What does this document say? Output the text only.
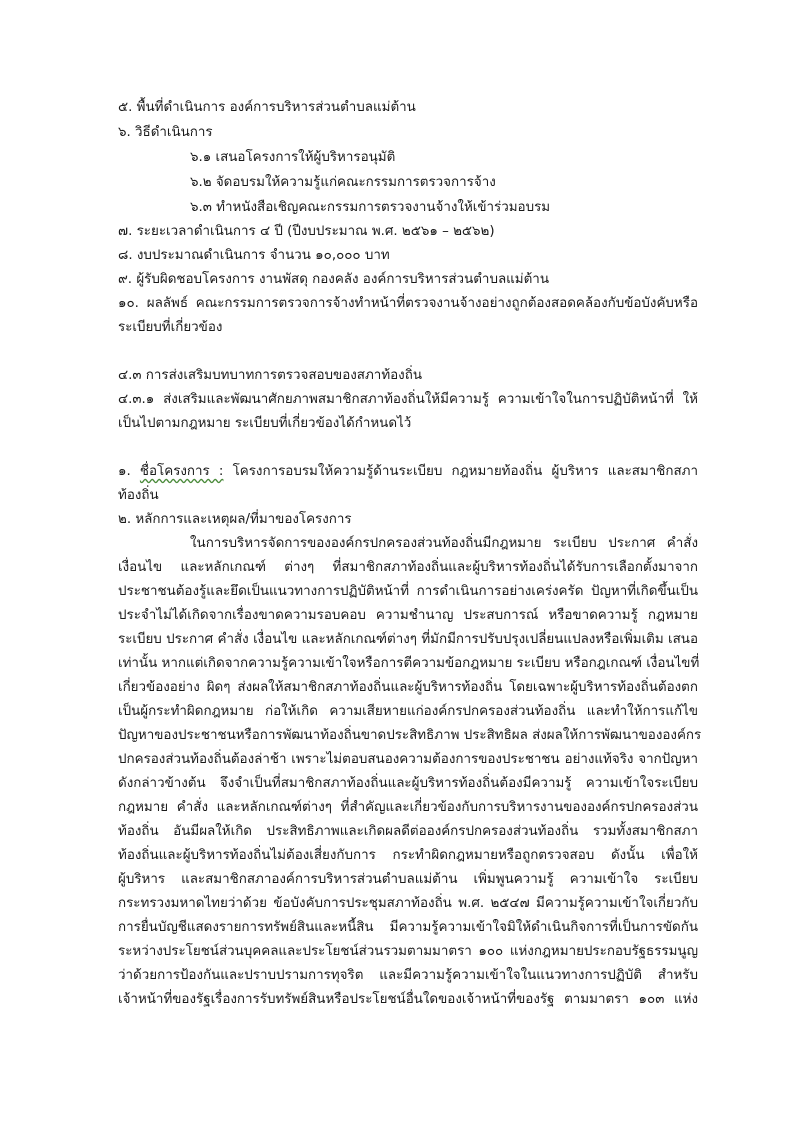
๕. พื้นที่ดำเนินการ องค์การบริหารส่วนตำบลแม่ต้าน
๖. วิธีดำเนินการ
๖.๑ เสนอโครงการให้ผู้บริหารอนุมัติ
๖.๒ จัดอบรมให้ความรู้แก่คณะกรรมการตรวจการจ้าง
๖.๓ ทำหนังสือเชิญคณะกรรมการตรวจงานจ้างให้เข้าร่วมอบรม
๗. ระยะเวลาดำเนินการ ๔ ปี (ปีงบประมาณ พ.ศ. ๒๕๖๑ – ๒๕๖๒)
๘. งบประมาณดำเนินการ จำนวน ๑๐,๐๐๐ บาท
๙. ผู้รับผิดชอบโครงการ งานพัสดุ กองคลัง องค์การบริหารส่วนตำบลแม่ต้าน
๑๐. ผลลัพธ์ คณะกรรมการตรวจการจ้างทำหน้าที่ตรวจงานจ้างอย่างถูกต้องสอดคล้องกับข้อบังคับหรือ
ระเบียบที่เกี่ยวข้อง
๔.๓ การส่งเสริมบทบาทการตรวจสอบของสภาท้องถิ่น
๔.๓.๑ ส่งเสริมและพัฒนาศักยภาพสมาชิกสภาท้องถิ่นให้มีความรู้ ความเข้าใจในการปฏิบัติหน้าที่ ให้
เป็นไปตามกฎหมาย ระเบียบที่เกี่ยวข้องได้กำหนดไว้
๑. ชื่อโครงการ : โครงการอบรมให้ความรู้ด้านระเบียบ กฎหมายท้องถิ่น ผู้บริหาร และสมาชิกสภา
ท้องถิ่น
๒. หลักการและเหตุผล/ที่มาของโครงการ
ในการบริหารจัดการขององค์กรปกครองส่วนท้องถิ่นมีกฎหมาย ระเบียบ ประกาศ คำสั่ง
เงื่อนไข และหลักเกณฑ์ ต่างๆ ที่สมาชิกสภาท้องถิ่นและผู้บริหารท้องถิ่นได้รับการเลือกตั้งมาจาก
ประชาชนต้องรู้และยึดเป็นแนวทางการปฏิบัติหน้าที่ การดำเนินการอย่างเคร่งครัด ปัญหาที่เกิดขึ้นเป็น
ประจำไม่ได้เกิดจากเรื่องขาดความรอบคอบ ความชำนาญ ประสบการณ์ หรือขาดความรู้ กฎหมาย
ระเบียบ ประกาศ คำสั่ง เงื่อนไข และหลักเกณฑ์ต่างๆ ที่มักมีการปรับปรุงเปลี่ยนแปลงหรือเพิ่มเติม เสนอ
เท่านั้น หากแต่เกิดจากความรู้ความเข้าใจหรือการตีความข้อกฎหมาย ระเบียบ หรือกฎเกณฑ์ เงื่อนไขที่
เกี่ยวข้องอย่าง ผิดๆ ส่งผลให้สมาชิกสภาท้องถิ่นและผู้บริหารท้องถิ่น โดยเฉพาะผู้บริหารท้องถิ่นต้องตก
เป็นผู้กระทำผิดกฎหมาย ก่อให้เกิด ความเสียหายแก่องค์กรปกครองส่วนท้องถิ่น และทำให้การแก้ไข
ปัญหาของประชาชนหรือการพัฒนาท้องถิ่นขาดประสิทธิภาพ ประสิทธิผล ส่งผลให้การพัฒนาขององค์กร
ปกครองส่วนท้องถิ่นต้องล่าช้า เพราะไม่ตอบสนองความต้องการของประชาชน อย่างแท้จริง จากปัญหา
ดังกล่าวข้างต้น จึงจำเป็นที่สมาชิกสภาท้องถิ่นและผู้บริหารท้องถิ่นต้องมีความรู้ ความเข้าใจระเบียบ
กฎหมาย คำสั่ง และหลักเกณฑ์ต่างๆ ที่สำคัญและเกี่ยวข้องกับการบริหารงานขององค์กรปกครองส่วน
ท้องถิ่น อันมีผลให้เกิด ประสิทธิภาพและเกิดผลดีต่อองค์กรปกครองส่วนท้องถิ่น รวมทั้งสมาชิกสภา
ท้องถิ่นและผู้บริหารท้องถิ่นไม่ต้องเสี่ยงกับการ กระทำผิดกฎหมายหรือถูกตรวจสอบ ดังนั้น เพื่อให้
ผู้บริหาร และสมาชิกสภาองค์การบริหารส่วนตำบลแม่ต้าน เพิ่มพูนความรู้ ความเข้าใจ ระเบียบ
กระทรวงมหาดไทยว่าด้วย ข้อบังคับการประชุมสภาท้องถิ่น พ.ศ. ๒๕๔๗ มีความรู้ความเข้าใจเกี่ยวกับ
การยื่นบัญชีแสดงรายการทรัพย์สินและหนี้สิน มีความรู้ความเข้าใจมิให้ดำเนินกิจการที่เป็นการขัดกัน
ระหว่างประโยชน์ส่วนบุคคลและประโยชน์ส่วนรวมตามมาตรา ๑๐๐ แห่งกฎหมายประกอบรัฐธรรมนูญ
ว่าด้วยการป้องกันและปราบปรามการทุจริต และมีความรู้ความเข้าใจในแนวทางการปฏิบัติ สำหรับ
เจ้าหน้าที่ของรัฐเรื่องการรับทรัพย์สินหรือประโยชน์อื่นใดของเจ้าหน้าที่ของรัฐ ตามมาตรา ๑๐๓ แห่ง
